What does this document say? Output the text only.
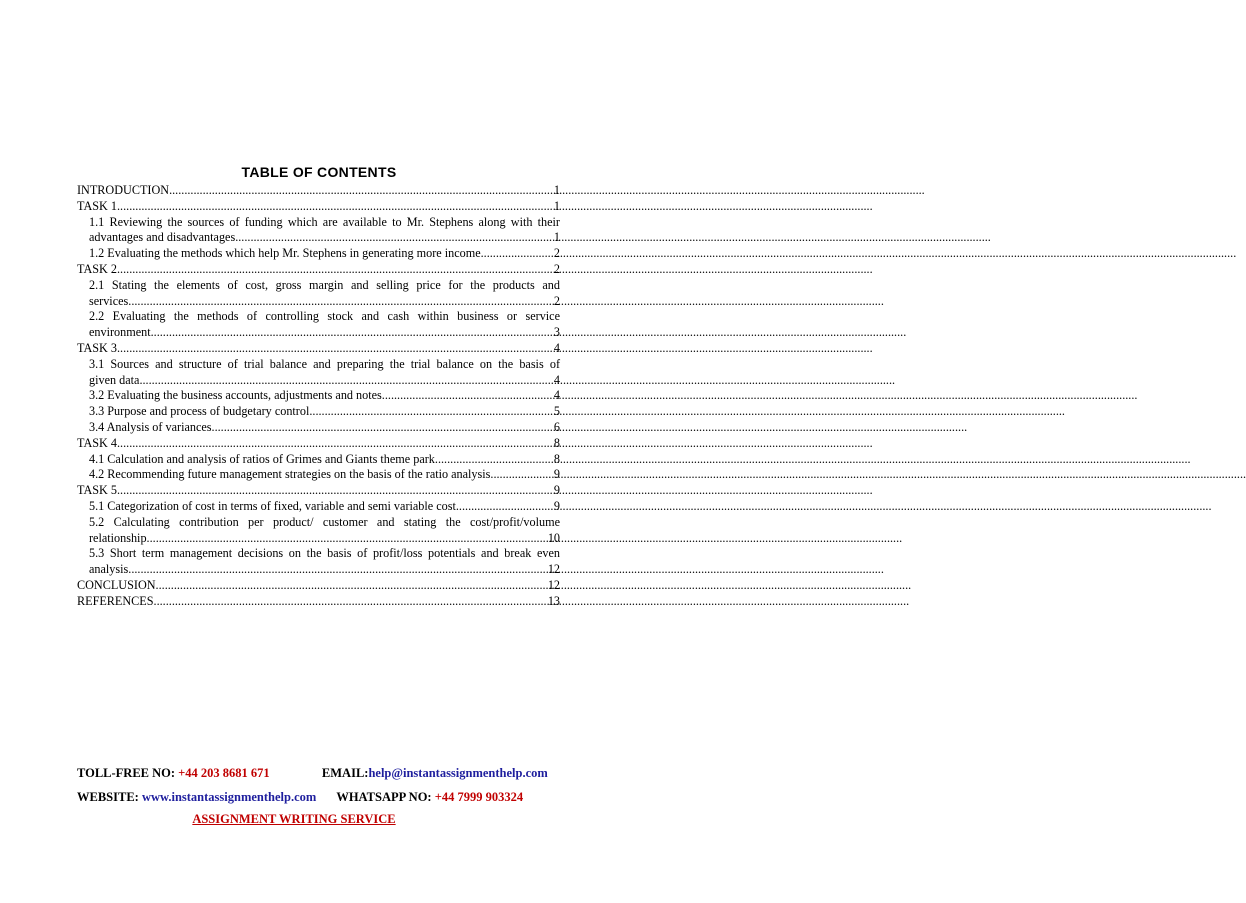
TABLE OF CONTENTS
INTRODUCTION .....	1
TASK 1 .....	1
1.1 Reviewing the sources of funding which are available to Mr. Stephens along with their
advantages and disadvantages .....	1
1.2 Evaluating the methods which help Mr. Stephens in generating more income .....	2
TASK 2 .....	2
2.1 Stating the elements of cost, gross margin and selling price for the products and
services .....	2
2.2 Evaluating the methods of controlling stock and cash within business or service
environment .....	3
TASK 3 .....	4
3.1 Sources and structure of trial balance and preparing the trial balance on the basis of
given data .....	4
3.2 Evaluating the business accounts, adjustments and notes .....	4
3.3 Purpose and process of budgetary control .....	5
3.4 Analysis of variances .....	6
TASK 4 .....	8
4.1 Calculation and analysis of ratios of Grimes and Giants theme park .....	8
4.2 Recommending future management strategies on the basis of the ratio analysis .....	9
TASK 5 .....	9
5.1 Categorization of cost in terms of fixed, variable and semi variable cost .....	9
5.2 Calculating contribution per product/ customer and stating the cost/profit/volume
relationship .....	10
5.3 Short term management decisions on the basis of profit/loss potentials and break even
analysis .....	12
CONCLUSION .....	12
REFERENCES .....	13
TOLL-FREE NO: +44 203 8681 671	EMAIL:help@instantassignmenthelp.com
WEBSITE: www.instantassignmenthelp.com WHATSAPP NO: +44 7999 903324
ASSIGNMENT WRITING SERVICE
